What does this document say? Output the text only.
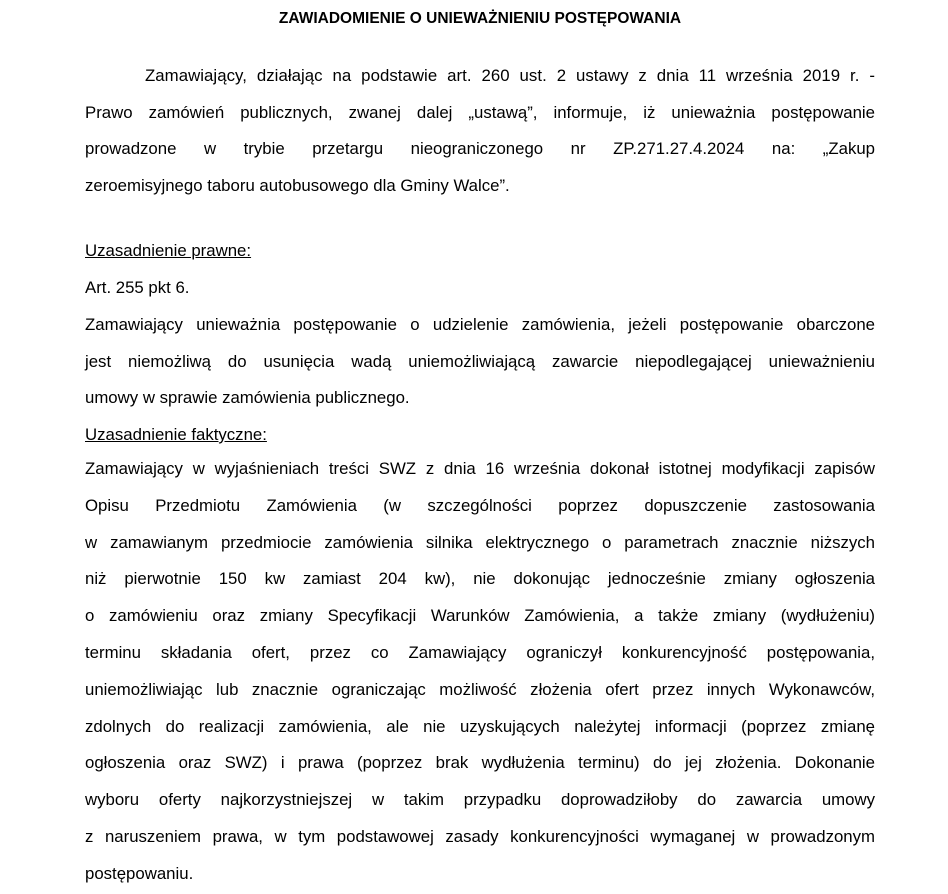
ZAWIADOMIENIE O UNIEWAŻNIENIU POSTĘPOWANIA
Zamawiający, działając na podstawie art. 260 ust. 2 ustawy z dnia 11 września 2019 r. -
Prawo zamówień publicznych, zwanej dalej „ustawą”, informuje, iż unieważnia postępowanie
prowadzone w trybie przetargu nieograniczonego nr ZP.271.27.4.2024 na: „Zakup
zeroemisyjnego taboru autobusowego dla Gminy Walce”.
Uzasadnienie prawne:
Art. 255 pkt 6.
Zamawiający unieważnia postępowanie o udzielenie zamówienia, jeżeli postępowanie obarczone
jest niemożliwą do usunięcia wadą uniemożliwiającą zawarcie niepodlegającej unieważnieniu
umowy w sprawie zamówienia publicznego.
Uzasadnienie faktyczne:
Zamawiający w wyjaśnieniach treści SWZ z dnia 16 września dokonał istotnej modyfikacji zapisów
Opisu Przedmiotu Zamówienia (w szczególności poprzez dopuszczenie zastosowania
w zamawianym przedmiocie zamówienia silnika elektrycznego o parametrach znacznie niższych
niż pierwotnie 150 kw zamiast 204 kw), nie dokonując jednocześnie zmiany ogłoszenia
o zamówieniu oraz zmiany Specyfikacji Warunków Zamówienia, a także zmiany (wydłużeniu)
terminu składania ofert, przez co Zamawiający ograniczył konkurencyjność postępowania,
uniemożliwiając lub znacznie ograniczając możliwość złożenia ofert przez innych Wykonawców,
zdolnych do realizacji zamówienia, ale nie uzyskujących należytej informacji (poprzez zmianę
ogłoszenia oraz SWZ) i prawa (poprzez brak wydłużenia terminu) do jej złożenia. Dokonanie
wyboru oferty najkorzystniejszej w takim przypadku doprowadziłoby do zawarcia umowy
z naruszeniem prawa, w tym podstawowej zasady konkurencyjności wymaganej w prowadzonym
postępowaniu.
